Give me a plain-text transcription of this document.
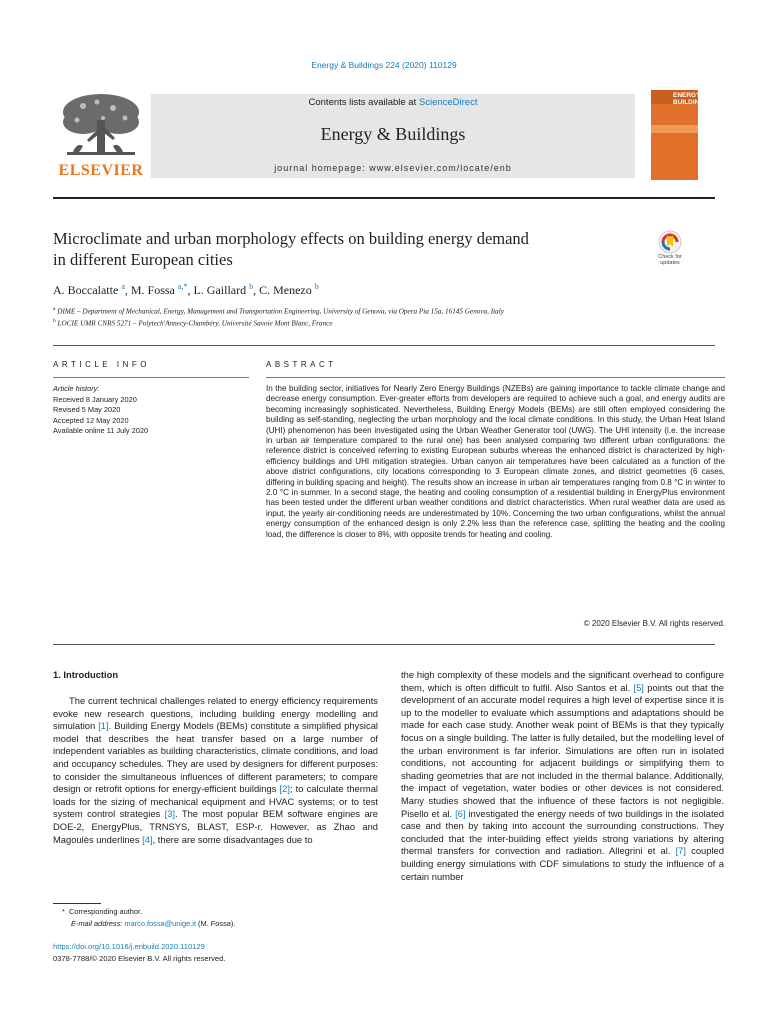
Energy & Buildings 224 (2020) 110129
ELSEVIER
Contents lists available at ScienceDirect
Energy & Buildings
journal homepage: www.elsevier.com/locate/enb
ENERGY
BUILDINGS
Microclimate and urban morphology effects on building energy demand
in different European cities	Check for updates
A. Boccalatte $^a$, M. Fossa $^{a,*}$, L. Gaillard $^b$, C. Menezo $^b$
$^a$ DIME – Department of Mechanical, Energy, Management and Transportation Engineering, University of Genova, via Opera Pia 15a, 16145 Genova, Italy
$^b$ LOCIE UMR CNRS 5271 – Polytech'Annecy-Chambéry, Université Savoie Mont Blanc, France
ARTICLE INFO
Article history:
Received 8 January 2020
Revised 5 May 2020
Accepted 12 May 2020
Available online 11 July 2020
ABSTRACT

In the building sector, initiatives for Nearly Zero Energy Buildings (NZEBs) are gaining importance to tackle climate change and decrease energy consumption. Ever-greater efforts from developers are required to achieve such a goal, and energy audits are becoming increasingly sophisticated. Nevertheless, Building Energy Models (BEMs) are still often employed considering the building as self-standing, neglecting the urban morphology and the local climate conditions. In this study, the Urban Heat Island (UHI) phenomenon has been investigated using the Urban Weather Generator tool (UWG). The UHI intensity (i.e. the increase in urban air temperature compared to the rural one) has been analysed comparing two different urban configurations: the reference district is conceived referring to existing European suburbs whereas the enhanced district is characterized by high-efficiency buildings and UHI mitigation strategies. Urban canyon air temperatures have been calculated as a function of the above district configurations, city locations corresponding to 3 European climate zones, and district geometries (6 cases, differing in building spacing and height). The results show an increase in urban air temperatures ranging from 0.8 °C in winter to 2.0 °C in summer. In a second stage, the heating and cooling consumption of a residential building in EnergyPlus environment has been tested under the different urban weather conditions and district characteristics. When rural weather data are used as input, the yearly air-conditioning needs are underestimated by 10%. Concerning the two urban configurations, whilst the annual energy consumption of the enhanced design is only 2.2% less than the reference case, splitting the heating and the cooling load, the difference is closer to 8%, with opposite trends for heating and cooling.

© 2020 Elsevier B.V. All rights reserved.
1. Introduction

The current technical challenges related to energy efficiency requirements evoke new research questions, including building energy modelling and simulation [1]. Building Energy Models (BEMs) constitute a simplified physical model that describes the heat transfer based on a large number of independent variables as building characteristics, climate conditions, and load and occupancy schedules. They are used by designers for different purposes: to consider the simultaneous influences of different parameters; to compare design or retrofit options for energy-efficient buildings [2]; to calculate thermal loads for the sizing of mechanical equipment and HVAC systems; or to test system control strategies [3]. The most popular BEM software engines are DOE-2, EnergyPlus, TRNSYS, BLAST, ESP-r. However, as Zhao and Magoulès underlines [4], there are some disadvantages due to

the high complexity of these models and the significant overhead to configure them, which is often difficult to fulfil. Also Santos et al. [5] points out that the development of an accurate model requires a high level of expertise since it is up to the modeller to evaluate which assumptions and adaptations should be made for each case study. Another weak point of BEMs is that they typically focus on a single building. The latter is fully detailed, but the modelling level of the urban environment is far inferior. Simulations are often run in isolated conditions, not accounting for adjacent buildings or simplifying them to shading geometries that are not included in the thermal balance. Additionally, the impact of vegetation, water bodies or other devices is not considered. Many studies showed that the influence of these factors is not negligible. Pisello et al. [6] investigated the energy needs of two buildings in the isolated case and then by taking into account the surrounding constructions. They concluded that the inter-building effect yields strong variations by altering thermal transfers for convection and radiation. Allegrini et al. [7] coupled building energy simulations with CDF simulations to study the influence of a certain number

* Corresponding author.
E-mail address: marco.fossa@unige.it (M. Fossa).
https://doi.org/10.1016/j.enbuild.2020.110129
0378-7788/© 2020 Elsevier B.V. All rights reserved.
